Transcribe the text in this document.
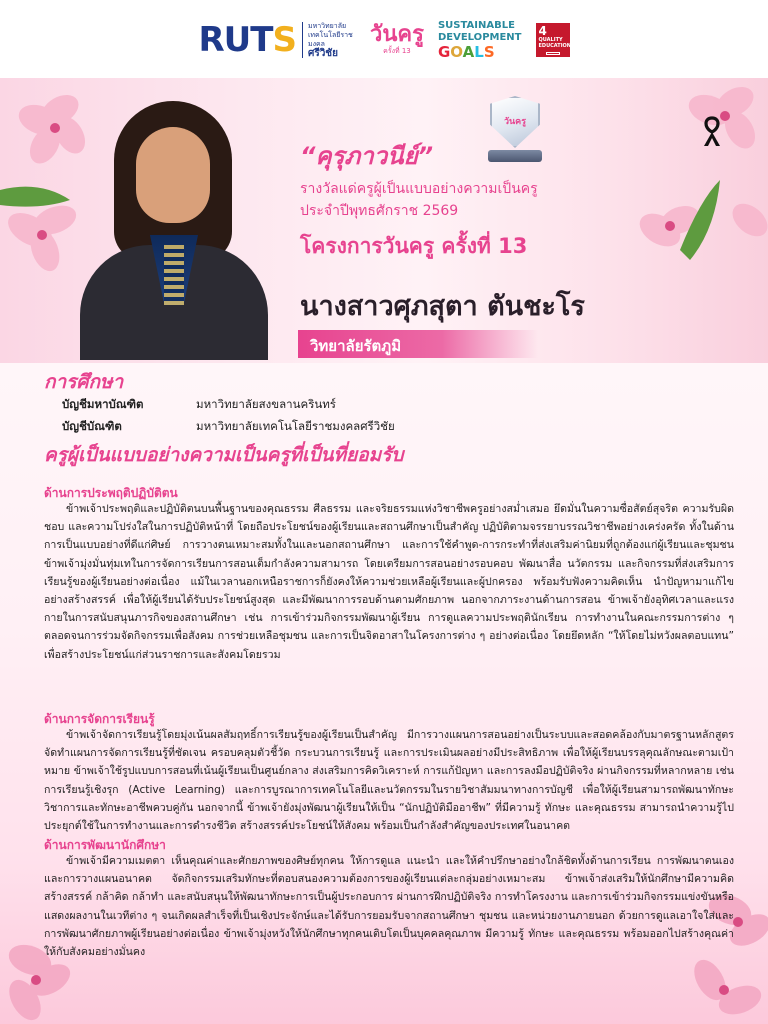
RUTS มหาวิทยาลัย
เทคโนโลยีราชมงคล
ศรีวิชัย
วันครู
ครั้งที่ 13
SUSTAINABLE
DEVELOPMENT
GOALS
4
QUALITY EDUCATION
วันครู
“คุรุภาวนีย์”
รางวัลแด่ครูผู้เป็นแบบอย่างความเป็นครู
ประจำปีพุทธศักราช 2569
โครงการวันครู ครั้งที่ 13
นางสาวศุภสุตา ตันชะโร
วิทยาลัยรัตภูมิ
การศึกษา
บัญชีมหาบัณฑิต	มหาวิทยาลัยสงขลานครินทร์
บัญชีบัณฑิต	มหาวิทยาลัยเทคโนโลยีราชมงคลศรีวิชัย
ครูผู้เป็นแบบอย่างความเป็นครูที่เป็นที่ยอมรับ
ด้านการประพฤติปฏิบัติตน
ข้าพเจ้าประพฤติและปฏิบัติตนบนพื้นฐานของคุณธรรม ศีลธรรม และจริยธรรมแห่งวิชาชีพครูอย่างสม่ำเสมอ ยึดมั่นในความซื่อสัตย์สุจริต ความรับผิดชอบ และความโปร่งใสในการปฏิบัติหน้าที่ โดยถือประโยชน์ของผู้เรียนและสถานศึกษาเป็นสำคัญ ปฏิบัติตามจรรยาบรรณวิชาชีพอย่างเคร่งครัด ทั้งในด้านการเป็นแบบอย่างที่ดีแก่ศิษย์ การวางตนเหมาะสมทั้งในและนอกสถานศึกษา และการใช้คำพูด-การกระทำที่ส่งเสริมค่านิยมที่ถูกต้องแก่ผู้เรียนและชุมชน ข้าพเจ้ามุ่งมั่นทุ่มเทในการจัดการเรียนการสอนเต็มกำลังความสามารถ โดยเตรียมการสอนอย่างรอบคอบ พัฒนาสื่อ นวัตกรรม และกิจกรรมที่ส่งเสริมการเรียนรู้ของผู้เรียนอย่างต่อเนื่อง แม้ในเวลานอกเหนือราชการก็ยังคงให้ความช่วยเหลือผู้เรียนและผู้ปกครอง พร้อมรับฟังความคิดเห็น นำปัญหามาแก้ไขอย่างสร้างสรรค์ เพื่อให้ผู้เรียนได้รับประโยชน์สูงสุด และมีพัฒนาการรอบด้านตามศักยภาพ นอกจากภาระงานด้านการสอน ข้าพเจ้ายังอุทิศเวลาและแรงกายในการสนับสนุนภารกิจของสถานศึกษา เช่น การเข้าร่วมกิจกรรมพัฒนาผู้เรียน การดูแลความประพฤตินักเรียน การทำงานในคณะกรรมการต่าง ๆ ตลอดจนการร่วมจัดกิจกรรมเพื่อสังคม การช่วยเหลือชุมชน และการเป็นจิตอาสาในโครงการต่าง ๆ อย่างต่อเนื่อง โดยยึดหลัก “ให้โดยไม่หวังผลตอบแทน” เพื่อสร้างประโยชน์แก่ส่วนราชการและสังคมโดยรวม
ด้านการจัดการเรียนรู้
ข้าพเจ้าจัดการเรียนรู้โดยมุ่งเน้นผลสัมฤทธิ์การเรียนรู้ของผู้เรียนเป็นสำคัญ มีการวางแผนการสอนอย่างเป็นระบบและสอดคล้องกับมาตรฐานหลักสูตร จัดทำแผนการจัดการเรียนรู้ที่ชัดเจน ครอบคลุมตัวชี้วัด กระบวนการเรียนรู้ และการประเมินผลอย่างมีประสิทธิภาพ เพื่อให้ผู้เรียนบรรลุคุณลักษณะตามเป้าหมาย ข้าพเจ้าใช้รูปแบบการสอนที่เน้นผู้เรียนเป็นศูนย์กลาง ส่งเสริมการคิดวิเคราะห์ การแก้ปัญหา และการลงมือปฏิบัติจริง ผ่านกิจกรรมที่หลากหลาย เช่น การเรียนรู้เชิงรุก (Active Learning) และการบูรณาการเทคโนโลยีและนวัตกรรมในรายวิชาสัมมนาทางการบัญชี เพื่อให้ผู้เรียนสามารถพัฒนาทักษะวิชาการและทักษะอาชีพควบคู่กัน นอกจากนี้ ข้าพเจ้ายังมุ่งพัฒนาผู้เรียนให้เป็น “นักปฏิบัติมืออาชีพ” ที่มีความรู้ ทักษะ และคุณธรรม สามารถนำความรู้ไปประยุกต์ใช้ในการทำงานและการดำรงชีวิต สร้างสรรค์ประโยชน์ให้สังคม พร้อมเป็นกำลังสำคัญของประเทศในอนาคต
ด้านการพัฒนานักศึกษา
ข้าพเจ้ามีความเมตตา เห็นคุณค่าและศักยภาพของศิษย์ทุกคน ให้การดูแล แนะนำ และให้คำปรึกษาอย่างใกล้ชิดทั้งด้านการเรียน การพัฒนาตนเอง และการวางแผนอนาคต จัดกิจกรรมเสริมทักษะที่ตอบสนองความต้องการของผู้เรียนแต่ละกลุ่มอย่างเหมาะสม ข้าพเจ้าส่งเสริมให้นักศึกษามีความคิดสร้างสรรค์ กล้าคิด กล้าทำ และสนับสนุนให้พัฒนาทักษะการเป็นผู้ประกอบการ ผ่านการฝึกปฏิบัติจริง การทำโครงงาน และการเข้าร่วมกิจกรรมแข่งขันหรือแสดงผลงานในเวทีต่าง ๆ จนเกิดผลสำเร็จที่เป็นเชิงประจักษ์และได้รับการยอมรับจากสถานศึกษา ชุมชน และหน่วยงานภายนอก ด้วยการดูแลเอาใจใส่และการพัฒนาศักยภาพผู้เรียนอย่างต่อเนื่อง ข้าพเจ้ามุ่งหวังให้นักศึกษาทุกคนเติบโตเป็นบุคคลคุณภาพ มีความรู้ ทักษะ และคุณธรรม พร้อมออกไปสร้างคุณค่าให้กับสังคมอย่างมั่นคง
